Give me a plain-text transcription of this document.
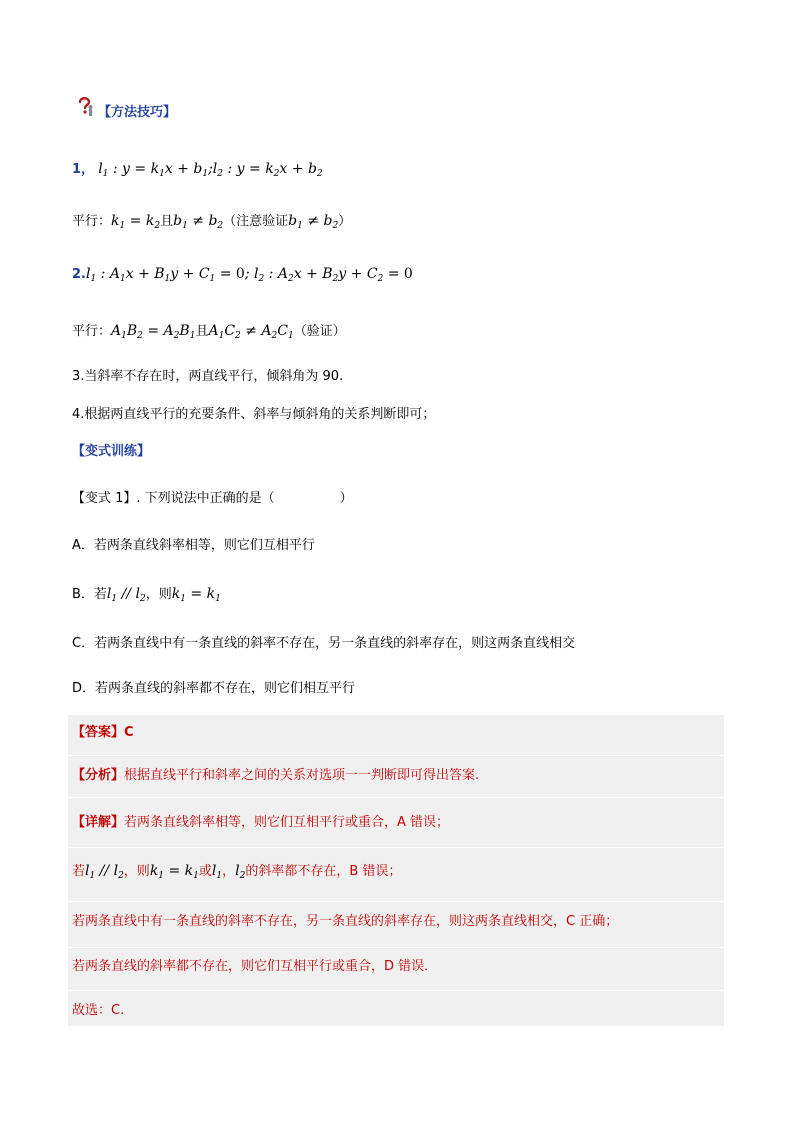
【方法技巧】
1， $l_1$ : $y = k_1x$ + $b_1;l_2$ : $y = k_2x + b_2$
平行：$k_1 = k_2$且$b_1 \ne b_2$（注意验证$b_1 \ne b_2$）
$2.l_1$ : $A_1x + B_1y + C_1 = 0$; $l_2$ : $A_2x + B_2y + C_2 = 0$
平行：$A_1B_2 = A_2B_1$且$A_1C_2 \ne A_2C_1$（验证）
3.当斜率不存在时，两直线平行，倾斜角为 90.
4.根据两直线平行的充要条件、斜率与倾斜角的关系判断即可；
【变式训练】
【变式 1】. 下列说法中正确的是（　　　　　）
A．若两条直线斜率相等，则它们互相平行
B．若$l_1 // l_2$，则$k_1 = k_1$
C．若两条直线中有一条直线的斜率不存在，另一条直线的斜率存在，则这两条直线相交
D．若两条直线的斜率都不存在，则它们相互平行
【答案】C
【分析】根据直线平行和斜率之间的关系对选项一一判断即可得出答案.
【详解】若两条直线斜率相等，则它们互相平行或重合，A 错误；
若$l_1 // l_2$，则$k_1 = k_1$或$l_1$，$l_2$的斜率都不存在，B 错误；
若两条直线中有一条直线的斜率不存在，另一条直线的斜率存在，则这两条直线相交，C 正确；
若两条直线的斜率都不存在，则它们互相平行或重合，D 错误．
故选：C.
